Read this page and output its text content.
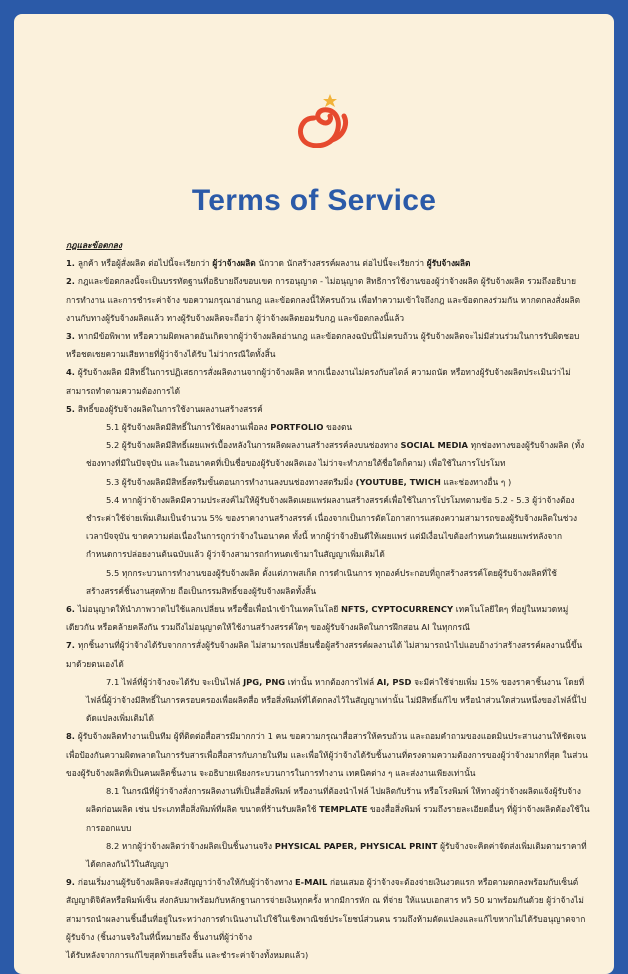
Terms of Service

กฎและข้อตกลง

1. ลูกค้า หรือผู้สั่งผลิต ต่อไปนี้จะเรียกว่า ผู้ว่าจ้างผลิต นักวาด นักสร้างสรรค์ผลงาน ต่อไปนี้จะเรียกว่า ผู้รับจ้างผลิต

2. กฎและข้อตกลงนี้จะเป็นบรรทัดฐานที่อธิบายถึงขอบเขต การอนุญาต - ไม่อนุญาต สิทธิการใช้งานของผู้ว่าจ้างผลิต ผู้รับจ้างผลิต รวมถึงอธิบายการทำงาน และการชำระค่าจ้าง ขอความกรุณาอ่านกฎ และข้อตกลงนี้ให้ครบถ้วน เพื่อทำความเข้าใจถึงกฎ และข้อตกลงร่วมกัน หากตกลงสั่งผลิตงานกับทางผู้รับจ้างผลิตแล้ว ทางผู้รับจ้างผลิตจะถือว่า ผู้ว่าจ้างผลิตยอมรับกฎ และข้อตกลงนี้แล้ว

3. หากมีข้อพิพาท หรือความผิดพลาดอันเกิดจากผู้ว่าจ้างผลิตอ่านกฎ และข้อตกลงฉบับนี้ไม่ครบถ้วน ผู้รับจ้างผลิตจะไม่มีส่วนร่วมในการรับผิดชอบ หรือชดเชยความเสียหายที่ผู้ว่าจ้างได้รับ ไม่ว่ากรณีใดทั้งสิ้น

4. ผู้รับจ้างผลิต มีสิทธิ์ในการปฏิเสธการสั่งผลิตงานจากผู้ว่าจ้างผลิต หากเนื่องงานไม่ตรงกับสไตล์ ความถนัด หรือทางผู้รับจ้างผลิตประเมินว่าไม่สามารถทำตามความต้องการได้

5. สิทธิ์ของผู้รับจ้างผลิตในการใช้งานผลงานสร้างสรรค์

5.1 ผู้รับจ้างผลิตมีสิทธิ์ในการใช้ผลงานเพื่อลง PORTFOLIO ของตน

5.2 ผู้รับจ้างผลิตมีสิทธิ์เผยแพร่เบื้องหลังในการผลิตผลงานสร้างสรรค์ลงบนช่องทาง SOCIAL MEDIA ทุกช่องทางของผู้รับจ้างผลิต (ทั้งช่องทางที่มีในปัจจุบัน และในอนาคตที่เป็นชื่อของผู้รับจ้างผลิตเอง ไม่ว่าจะทำภายใต้ชื่อใดก็ตาม) เพื่อใช้ในการโปรโมท

5.3 ผู้รับจ้างผลิตมีสิทธิ์สตรีมขั้นตอนการทำงานลงบนช่องทางสตรีมมิ่ง (YOUTUBE, TWICH และช่องทางอื่น ๆ )

5.4 หากผู้ว่าจ้างผลิตมีความประสงค์ไม่ให้ผู้รับจ้างผลิตเผยแพร่ผลงานสร้างสรรค์เพื่อใช้ในการโปรโมทตามข้อ 5.2 - 5.3 ผู้ว่าจ้างต้องชำระค่าใช้จ่ายเพิ่มเติมเป็นจำนวน 5% ของราคางานสร้างสรรค์ เนื่องจากเป็นการตัดโอกาสการแสดงความสามารถของผู้รับจ้างผลิตในช่วงเวลาปัจจุบัน ขาดความต่อเนื่องในการถูกว่าจ้างในอนาคต ทั้งนี้ หากผู้ว่าจ้างยินดีให้เผยแพร่ แต่มีเงื่อนไขต้องกำหนดวันเผยแพร่หลังจากกำหนดการปล่อยงานต้นฉบับแล้ว ผู้ว่าจ้างสามารถกำหนดเข้ามาในสัญญาเพิ่มเติมได้

5.5 ทุกกระบวนการทำงานของผู้รับจ้างผลิต ตั้งแต่ภาพสเก็ต การดำเนินการ ทุกองค์ประกอบที่ถูกสร้างสรรค์โดยผู้รับจ้างผลิตที่ใช้สร้างสรรค์ชิ้นงานสุดท้าย ถือเป็นกรรมสิทธิ์ของผู้รับจ้างผลิตทั้งสิ้น

6. ไม่อนุญาตให้นำภาพวาดไปใช้แลกเปลี่ยน หรือซื้อเพื่อนำเข้าในเทคโนโลยี NFTS, CYPTOCURRENCY เทคโนโลยีใดๆ ที่อยู่ในหมวดหมู่เดียวกัน หรือคล้ายคลึงกัน รวมถึงไม่อนุญาตให้ใช้งานสร้างสรรค์ใดๆ ของผู้รับจ้างผลิตในการฝึกสอน AI ในทุกกรณี

7. ทุกชิ้นงานที่ผู้ว่าจ้างได้รับจากการสั่งผู้รับจ้างผลิต ไม่สามารถเปลี่ยนชื่อผู้สร้างสรรค์ผลงานได้ ไม่สามารถนำไปแอบอ้างว่าสร้างสรรค์ผลงานนี้ขึ้นมาด้วยตนเองได้

7.1 ไฟล์ที่ผู้ว่าจ้างจะได้รับ จะเป็นไฟล์ JPG, PNG เท่านั้น หากต้องการไฟล์ AI, PSD จะมีค่าใช้จ่ายเพิ่ม 15% ของราคาชิ้นงาน โดยที่ไฟล์นี้ผู้ว่าจ้างมีสิทธิ์ในการครอบครองเพื่อผลิตสื่อ หรือสิ่งพิมพ์ที่ได้ตกลงไว้ในสัญญาเท่านั้น ไม่มีสิทธิ์แก้ไข หรือนำส่วนใดส่วนหนึ่งของไฟล์นี้ไปดัดแปลงเพิ่มเติมได้

8. ผู้รับจ้างผลิตทำงานเป็นทีม ผู้ที่ติดต่อสื่อสารมีมากกว่า 1 คน ขอความกรุณาสื่อสารให้ครบถ้วน และถอมคำถามของแอดมินประสานงานให้ชัดเจนเพื่อป้องกันความผิดพลาดในการรับสารเพื่อสื่อสารกับภายในทีม และเพื่อให้ผู้ว่าจ้างได้รับชิ้นงานที่ตรงตามความต้องการของผู้ว่าจ้างมากที่สุด ในส่วนของผู้รับจ้างผลิตที่เป็นคนผลิตชิ้นงาน จะอธิบายเพียงกระบวนการในการทำงาน เทคนิคต่าง ๆ และส่งงานเพียงเท่านั้น

8.1 ในกรณีที่ผู้ว่าจ้างสั่งการผลิตงานที่เป็นสื่อสิ่งพิมพ์ หรืองานที่ต้องนำไฟล์ ไปผลิตกับร้าน หรือโรงพิมพ์ ให้ทางผู้ว่าจ้างผลิตแจ้งผู้รับจ้างผลิตก่อนผลิต เช่น ประเภทสื่อสิ่งพิมพ์ที่ผลิต ขนาดที่ร้านรับผลิตใช้ TEMPLATE ของสื่อสิ่งพิมพ์ รวมถึงรายละเอียดอื่นๆ ที่ผู้ว่าจ้างผลิตต้องใช้ในการออกแบบ

8.2 หากผู้ว่าจ้างผลิตว่าจ้างผลิตเป็นชิ้นงานจริง PHYSICAL PAPER, PHYSICAL PRINT ผู้รับจ้างจะคิดค่าจัดส่งเพิ่มเติมตามราคาที่ได้ตกลงกันไว้ในสัญญา

9. ก่อนเริ่มงานผู้รับจ้างผลิตจะส่งสัญญาว่าจ้างให้กับผู้ว่าจ้างทาง E-MAIL ก่อนเสมอ ผู้ว่าจ้างจะต้องจ่ายเงินงวดแรก หรือตามตกลงพร้อมกับเซ็นต์สัญญาดิจิตัลหรือพิมพ์เซ็น ส่งกลับมาพร้อมกับหลักฐานการจ่ายเงินทุกครั้ง หากมีการหัก ณ ที่จ่าย ให้แนบเอกสาร ทวิ 50 มาพร้อมกันด้วย ผู้ว่าจ้างไม่สามารถนำผลงานชิ้นอื่นที่อยู่ในระหว่างการดำเนินงานไปใช้ในเชิงพาณิชย์ประโยชน์ส่วนตน รวมถึงห้ามตัดแปลงและแก้ไขหากไม่ได้รับอนุญาตจากผู้รับจ้าง (ชิ้นงานจริงในที่นี้หมายถึง ชิ้นงานที่ผู้ว่าจ้าง

ได้รับหลังจากการแก้ไขสุดท้ายเสร็จสิ้น และชำระค่าจ้างทั้งหมดแล้ว)
